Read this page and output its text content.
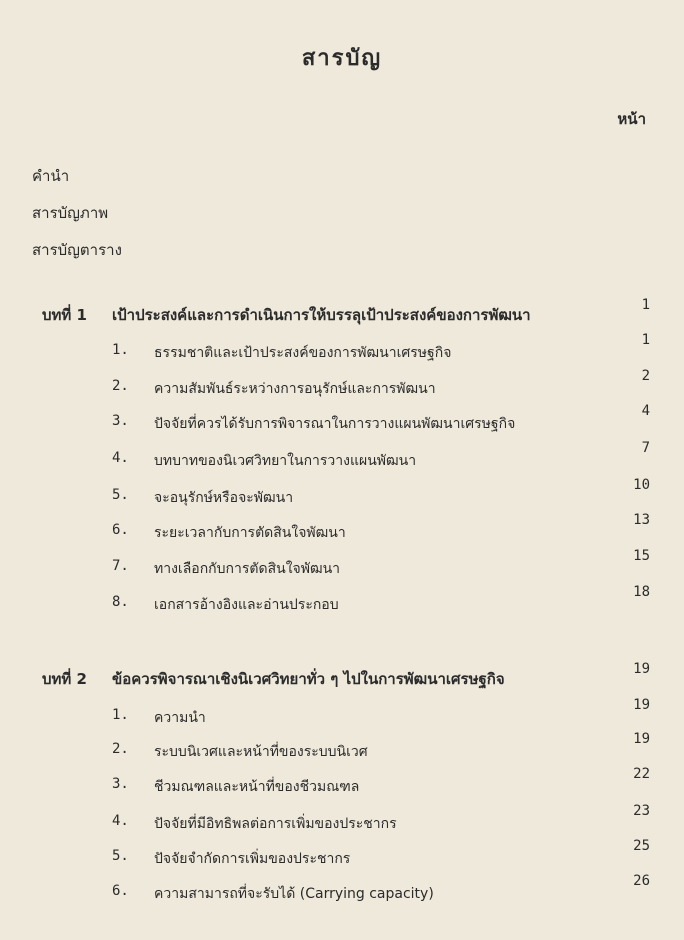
สารบัญ
หน้า
คำนำ
สารบัญภาพ
สารบัญตาราง
บทที่ 1 เป้าประสงค์และการดำเนินการให้บรรลุเป้าประสงค์ของการพัฒนา
1
1. ธรรมชาติและเป้าประสงค์ของการพัฒนาเศรษฐกิจ
1
2. ความสัมพันธ์ระหว่างการอนุรักษ์และการพัฒนา
2
3. ปัจจัยที่ควรได้รับการพิจารณาในการวางแผนพัฒนาเศรษฐกิจ
4
4. บทบาทของนิเวศวิทยาในการวางแผนพัฒนา
7
5. จะอนุรักษ์หรือจะพัฒนา
10
6. ระยะเวลากับการตัดสินใจพัฒนา
13
7. ทางเลือกกับการตัดสินใจพัฒนา
15
8. เอกสารอ้างอิงและอ่านประกอบ
18
บทที่ 2 ข้อควรพิจารณาเชิงนิเวศวิทยาทั่ว ๆ ไปในการพัฒนาเศรษฐกิจ
19
1. ความนำ
19
2. ระบบนิเวศและหน้าที่ของระบบนิเวศ
19
3. ชีวมณฑลและหน้าที่ของชีวมณฑล
22
4. ปัจจัยที่มีอิทธิพลต่อการเพิ่มของประชากร
23
5. ปัจจัยจำกัดการเพิ่มของประชากร
25
6. ความสามารถที่จะรับได้ (Carrying capacity)
26
